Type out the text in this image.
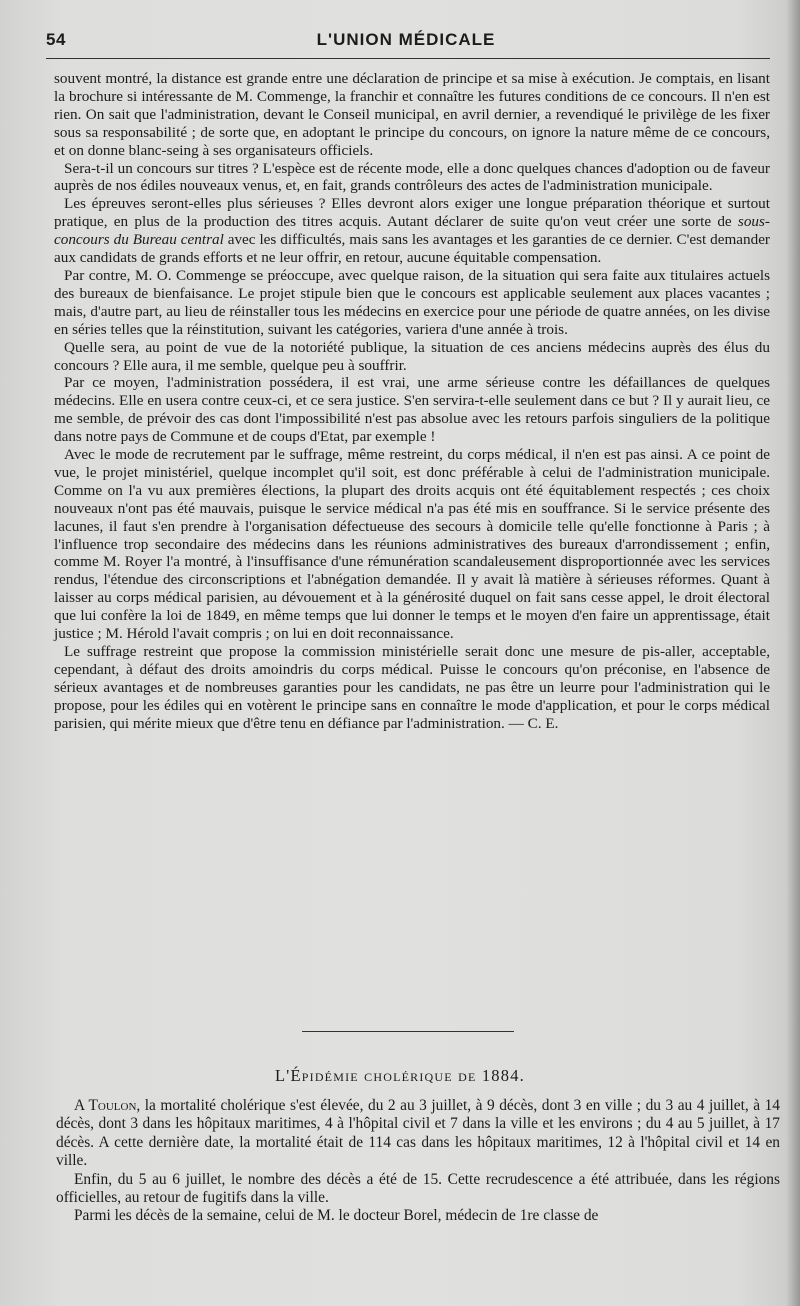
54	L'UNION MÉDICALE

souvent montré, la distance est grande entre une déclaration de principe et sa mise à exécution. Je comptais, en lisant la brochure si intéressante de M. Commenge, la franchir et connaître les futures conditions de ce concours. Il n'en est rien. On sait que l'administration, devant le Conseil municipal, en avril dernier, a revendiqué le privilège de les fixer sous sa responsabilité ; de sorte que, en adoptant le principe du concours, on ignore la nature même de ce concours, et on donne blanc-seing à ses organisateurs officiels.

Sera-t-il un concours sur titres ? L'espèce est de récente mode, elle a donc quelques chances d'adoption ou de faveur auprès de nos édiles nouveaux venus, et, en fait, grands contrôleurs des actes de l'administration municipale.

Les épreuves seront-elles plus sérieuses ? Elles devront alors exiger une longue préparation théorique et surtout pratique, en plus de la production des titres acquis. Autant déclarer de suite qu'on veut créer une sorte de sous-concours du Bureau central avec les difficultés, mais sans les avantages et les garanties de ce dernier. C'est demander aux candidats de grands efforts et ne leur offrir, en retour, aucune équitable compensation.

Par contre, M. O. Commenge se préoccupe, avec quelque raison, de la situation qui sera faite aux titulaires actuels des bureaux de bienfaisance. Le projet stipule bien que le concours est applicable seulement aux places vacantes ; mais, d'autre part, au lieu de réinstaller tous les médecins en exercice pour une période de quatre années, on les divise en séries telles que la réinstitution, suivant les catégories, variera d'une année à trois.

Quelle sera, au point de vue de la notoriété publique, la situation de ces anciens médecins auprès des élus du concours ? Elle aura, il me semble, quelque peu à souffrir.

Par ce moyen, l'administration possédera, il est vrai, une arme sérieuse contre les défaillances de quelques médecins. Elle en usera contre ceux-ci, et ce sera justice. S'en servira-t-elle seulement dans ce but ? Il y aurait lieu, ce me semble, de prévoir des cas dont l'impossibilité n'est pas absolue avec les retours parfois singuliers de la politique dans notre pays de Commune et de coups d'Etat, par exemple !

Avec le mode de recrutement par le suffrage, même restreint, du corps médical, il n'en est pas ainsi. A ce point de vue, le projet ministériel, quelque incomplet qu'il soit, est donc préférable à celui de l'administration municipale. Comme on l'a vu aux premières élections, la plupart des droits acquis ont été équitablement respectés ; ces choix nouveaux n'ont pas été mauvais, puisque le service médical n'a pas été mis en souffrance. Si le service présente des lacunes, il faut s'en prendre à l'organisation défectueuse des secours à domicile telle qu'elle fonctionne à Paris ; à l'influence trop secondaire des médecins dans les réunions administratives des bureaux d'arrondissement ; enfin, comme M. Royer l'a montré, à l'insuffisance d'une rémunération scandaleusement disproportionnée avec les services rendus, l'étendue des circonscriptions et l'abnégation demandée. Il y avait là matière à sérieuses réformes. Quant à laisser au corps médical parisien, au dévouement et à la générosité duquel on fait sans cesse appel, le droit électoral que lui confère la loi de 1849, en même temps que lui donner le temps et le moyen d'en faire un apprentissage, était justice ; M. Hérold l'avait compris ; on lui en doit reconnaissance.

Le suffrage restreint que propose la commission ministérielle serait donc une mesure de pis-aller, acceptable, cependant, à défaut des droits amoindris du corps médical. Puisse le concours qu'on préconise, en l'absence de sérieux avantages et de nombreuses garanties pour les candidats, ne pas être un leurre pour l'administration qui le propose, pour les édiles qui en votèrent le principe sans en connaître le mode d'application, et pour le corps médical parisien, qui mérite mieux que d'être tenu en défiance par l'administration. — C. E.

L'Épidémie cholérique de 1884.

A Toulon, la mortalité cholérique s'est élevée, du 2 au 3 juillet, à 9 décès, dont 3 en ville ; du 3 au 4 juillet, à 14 décès, dont 3 dans les hôpitaux maritimes, 4 à l'hôpital civil et 7 dans la ville et les environs ; du 4 au 5 juillet, à 17 décès. A cette dernière date, la mortalité était de 114 cas dans les hôpitaux maritimes, 12 à l'hôpital civil et 14 en ville.

Enfin, du 5 au 6 juillet, le nombre des décès a été de 15. Cette recrudescence a été attribuée, dans les régions officielles, au retour de fugitifs dans la ville.

Parmi les décès de la semaine, celui de M. le docteur Borel, médecin de 1re classe de
